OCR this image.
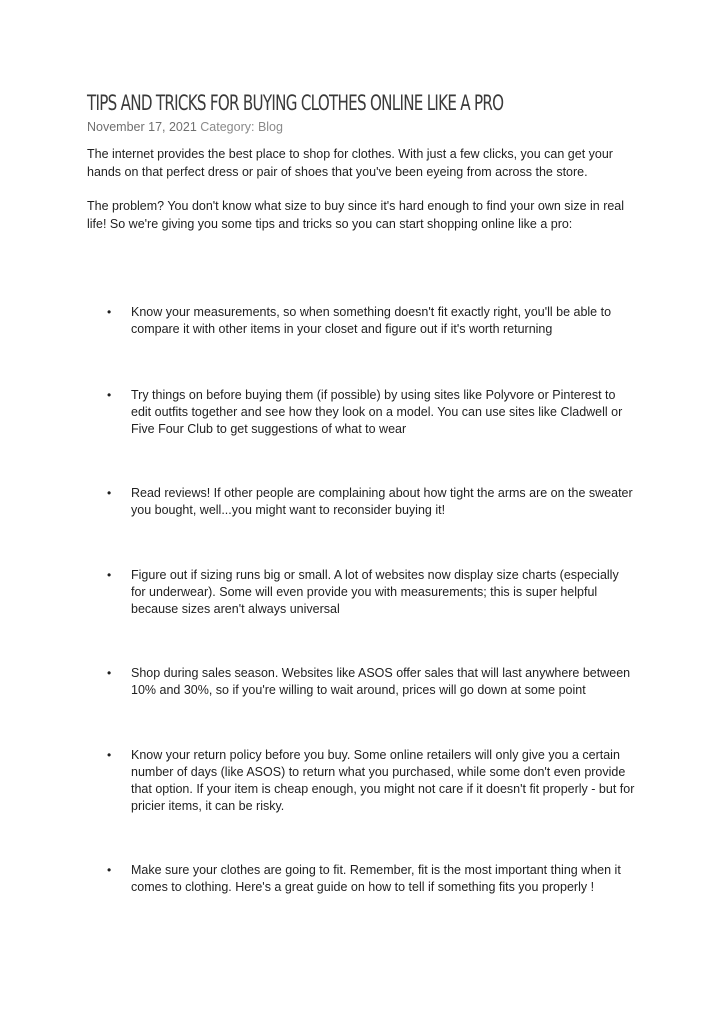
TIPS AND TRICKS FOR BUYING CLOTHES ONLINE LIKE A PRO
November 17, 2021 Category: Blog

The internet provides the best place to shop for clothes. With just a few clicks, you can get your hands on that perfect dress or pair of shoes that you've been eyeing from across the store.

The problem? You don't know what size to buy since it's hard enough to find your own size in real life! So we're giving you some tips and tricks so you can start shopping online like a pro:

•	Know your measurements, so when something doesn't fit exactly right, you'll be able to compare it with other items in your closet and figure out if it's worth returning
•	Try things on before buying them (if possible) by using sites like Polyvore or Pinterest to edit outfits together and see how they look on a model. You can use sites like Cladwell or Five Four Club to get suggestions of what to wear
•	Read reviews! If other people are complaining about how tight the arms are on the sweater you bought, well...you might want to reconsider buying it!
•	Figure out if sizing runs big or small. A lot of websites now display size charts (especially for underwear). Some will even provide you with measurements; this is super helpful because sizes aren't always universal
•	Shop during sales season. Websites like ASOS offer sales that will last anywhere between 10% and 30%, so if you're willing to wait around, prices will go down at some point
•	Know your return policy before you buy. Some online retailers will only give you a certain number of days (like ASOS) to return what you purchased, while some don't even provide that option. If your item is cheap enough, you might not care if it doesn't fit properly - but for pricier items, it can be risky.
•	Make sure your clothes are going to fit. Remember, fit is the most important thing when it comes to clothing. Here's a great guide on how to tell if something fits you properly !
